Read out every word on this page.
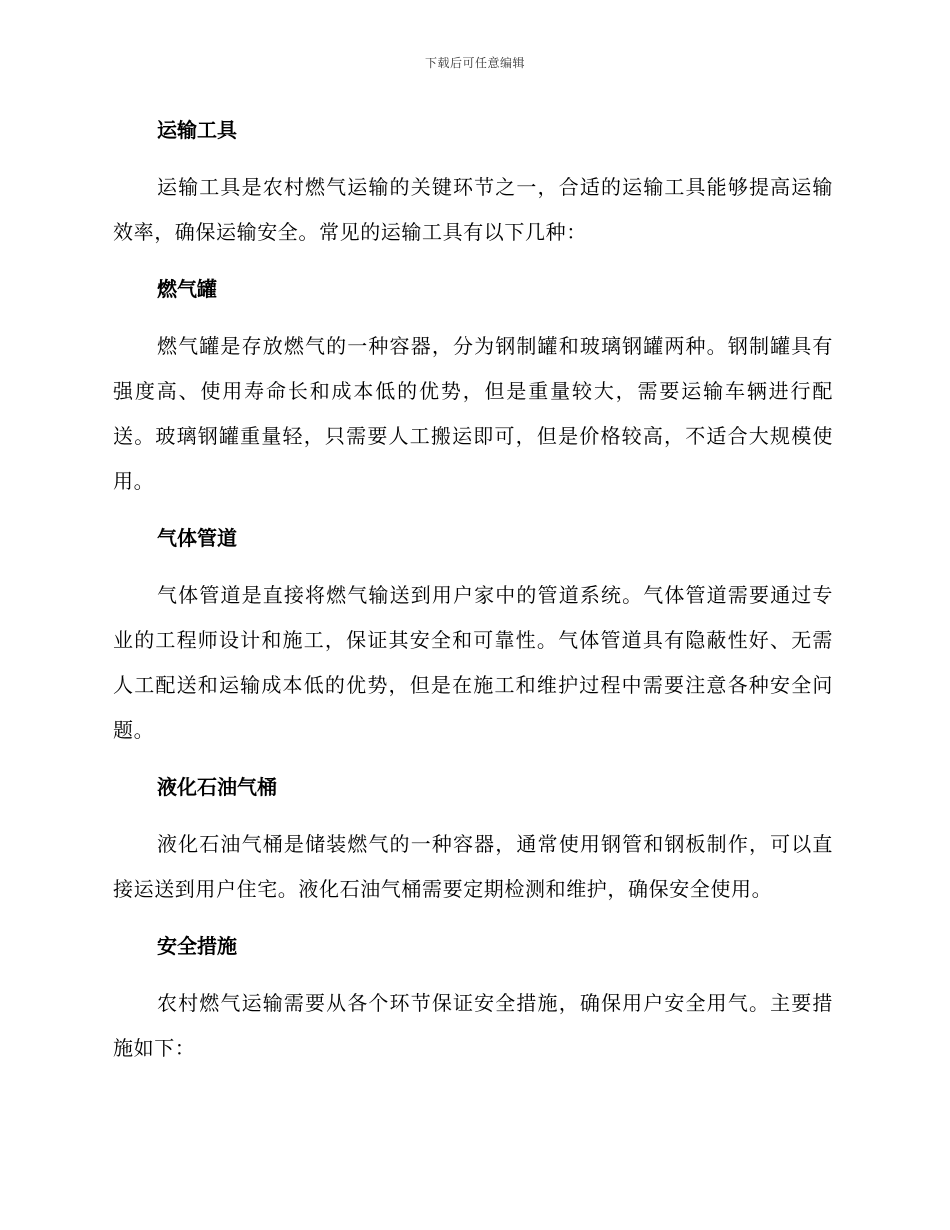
下载后可任意编辑
运输工具
运输工具是农村燃气运输的关键环节之一，合适的运输工具能够提高运输效率，确保运输安全。常见的运输工具有以下几种：
燃气罐
燃气罐是存放燃气的一种容器，分为钢制罐和玻璃钢罐两种。钢制罐具有强度高、使用寿命长和成本低的优势，但是重量较大，需要运输车辆进行配送。玻璃钢罐重量轻，只需要人工搬运即可，但是价格较高，不适合大规模使用。
气体管道
气体管道是直接将燃气输送到用户家中的管道系统。气体管道需要通过专业的工程师设计和施工，保证其安全和可靠性。气体管道具有隐蔽性好、无需人工配送和运输成本低的优势，但是在施工和维护过程中需要注意各种安全问题。
液化石油气桶
液化石油气桶是储装燃气的一种容器，通常使用钢管和钢板制作，可以直接运送到用户住宅。液化石油气桶需要定期检测和维护，确保安全使用。
安全措施
农村燃气运输需要从各个环节保证安全措施，确保用户安全用气。主要措施如下：
